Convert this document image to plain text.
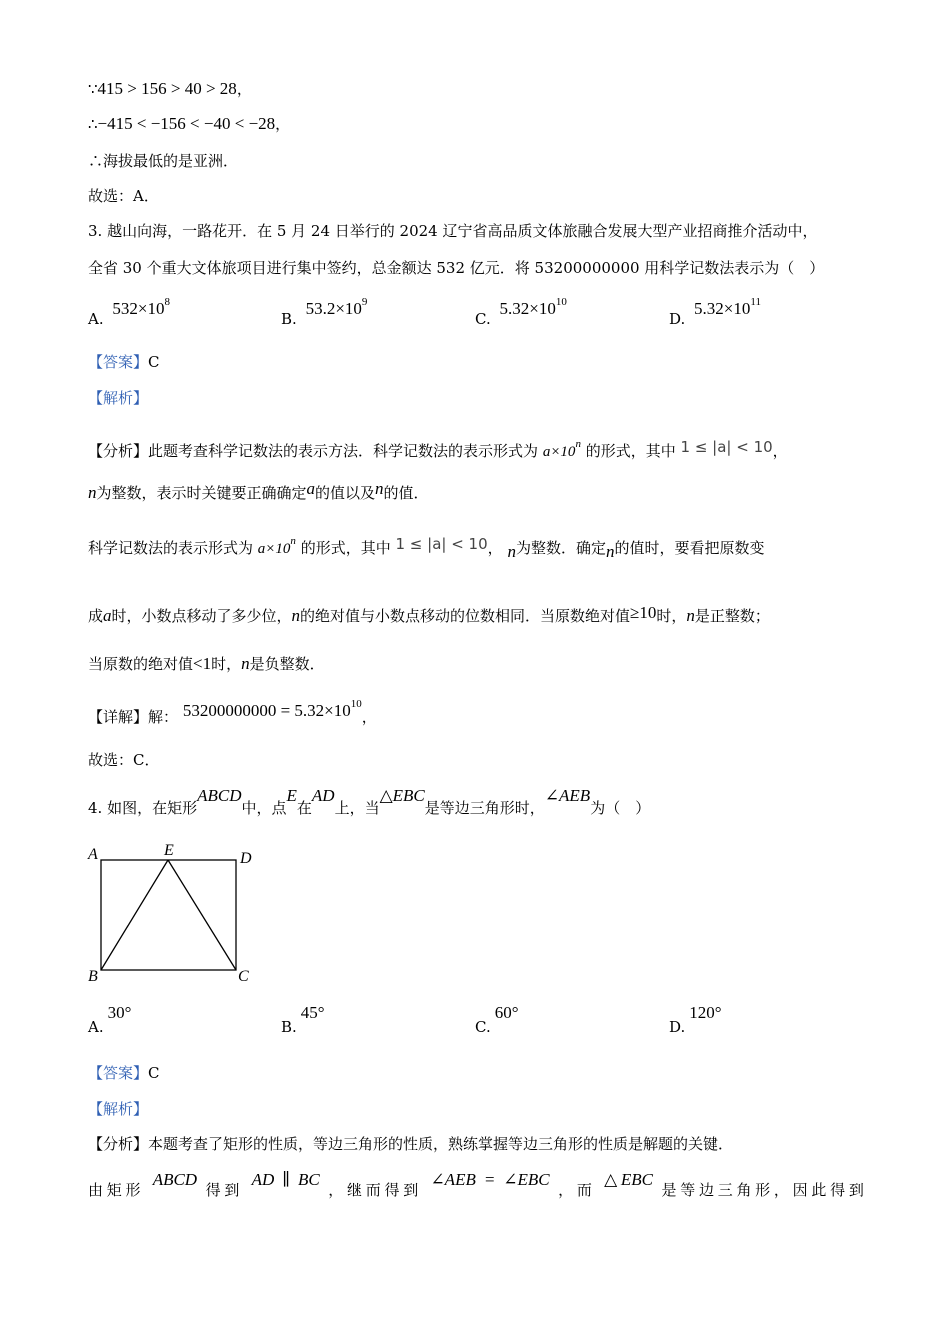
∵415 > 156 > 40 > 28，
∴−415 < −156 < −40 < −28，
∴海拔最低的是亚洲．
故选：A．
3. 越山向海，一路花开．在 5 月 24 日举行的 2024 辽宁省高品质文体旅融合发展大型产业招商推介活动中，
全省 30 个重大文体旅项目进行集中签约，总金额达 532 亿元．将 53200000000 用科学记数法表示为（　）
A. $532\times 10^8$
B. $53.2\times 10^9$
C. $5.32\times 10^{10}$
D. $5.32\times 10^{11}$
【答案】C
【解析】
【分析】此题考查科学记数法的表示方法．科学记数法的表示形式为 $a\times 10^n$ 的形式，其中 1 ≤ |a| < 10，
n为整数，表示时关键要正确确定a的值以及n的值．
科学记数法的表示形式为 $a\times 10^n$ 的形式，其中 1 ≤ |a| < 10， n为整数．确定n的值时，要看把原数变
成a时，小数点移动了多少位，n的绝对值与小数点移动的位数相同．当原数绝对值≥10时，n是正整数；
当原数的绝对值<1时，n是负整数．
【详解】解： $53200000000 = 5.32\times 10^{10}$，
故选：C．
4. 如图，在矩形ABCD中，点E在AD上，当△EBC是等边三角形时，∠AEB为（　）
A	E	D
B	C
A.30°
B.45°
C.60°
D.120°
【答案】C
【解析】
【分析】本题考查了矩形的性质，等边三角形的性质，熟练掌握等边三角形的性质是解题的关键．
由矩形 ABCD 得到 AD ∥ BC ，继而得到 ∠AEB = ∠EBC ，而 △EBC 是等边三角形，因此得到
